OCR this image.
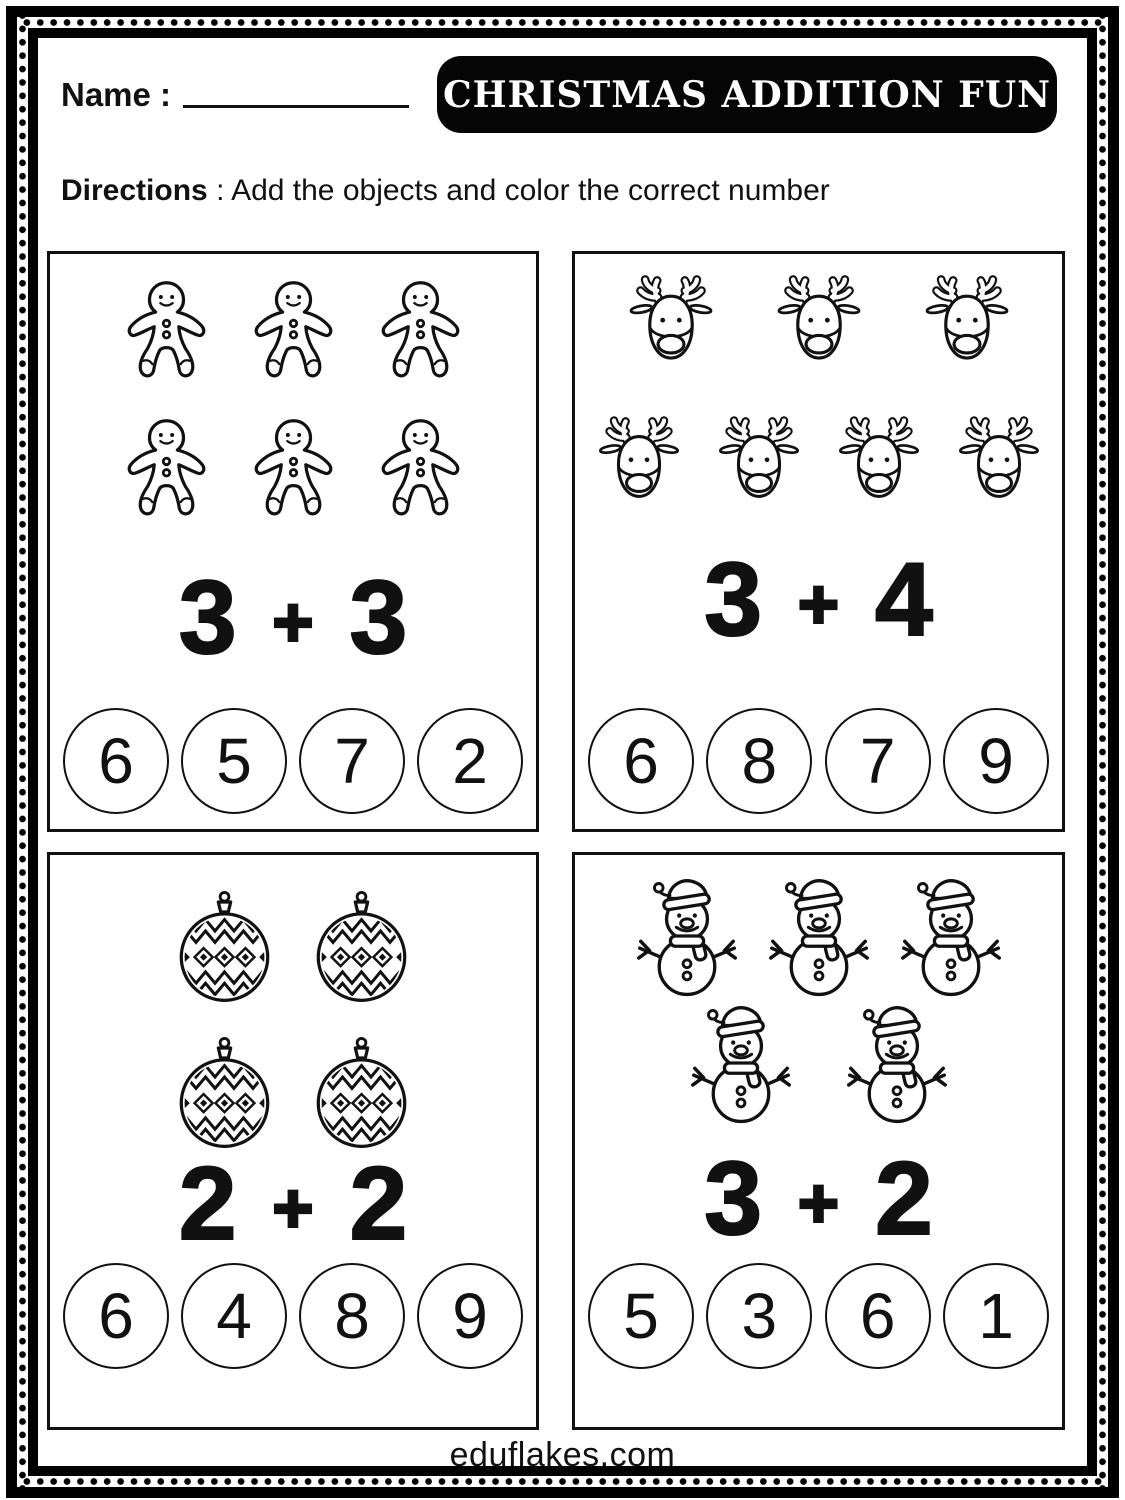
Name :	CHRISTMAS ADDITION FUN
Directions : Add the objects and color the correct number
3 + 3
6 5 7 2
3 + 4
6 8 7 9
2 + 2
6 4 8 9
3 + 2
5 3 6 1
eduflakes.com
